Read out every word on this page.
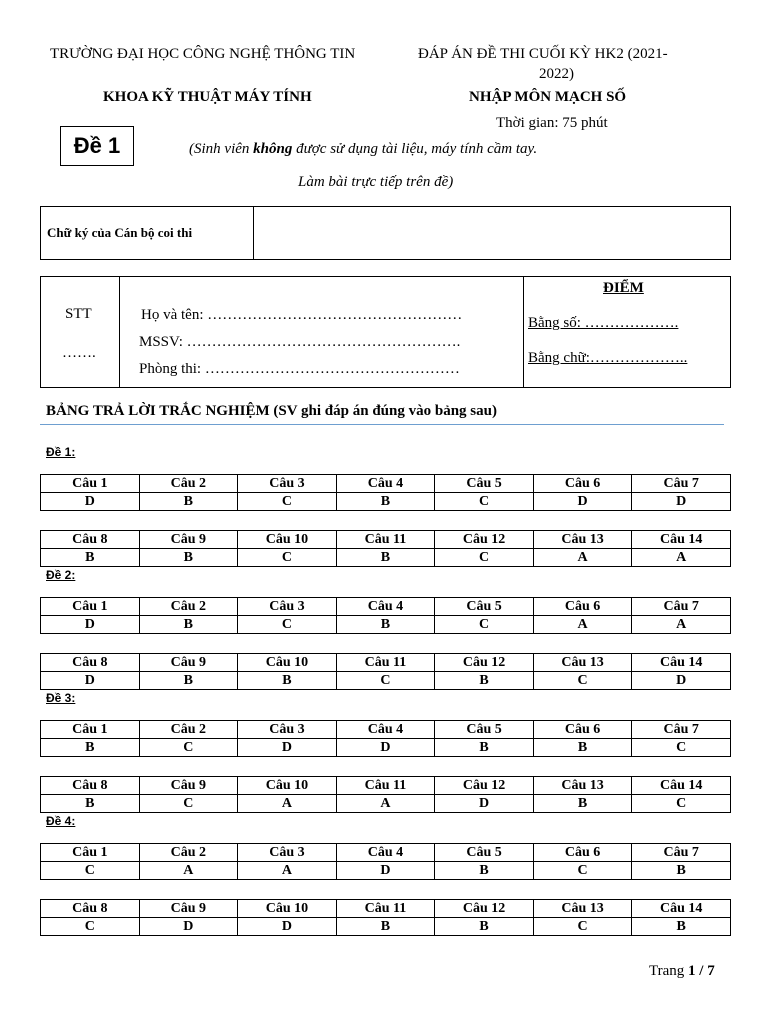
TRƯỜNG ĐẠI HỌC CÔNG NGHỆ THÔNG TIN
KHOA KỸ THUẬT MÁY TÍNH
ĐÁP ÁN ĐỀ THI CUỐI KỲ HK2 (2021-
2022)
NHẬP MÔN MẠCH SỐ
Thời gian: 75 phút
Đề 1	(Sinh viên không được sử dụng tài liệu, máy tính cầm tay.
Làm bài trực tiếp trên đề)
Chữ ký của Cán bộ coi thi	
STT
…….
Họ và tên: ……………………………………………
MSSV: ……………………………………………….
Phòng thi: ……………………………………………
ĐIỂM
Bằng số: ……………….
Bằng chữ:………………..
BẢNG TRẢ LỜI TRẮC NGHIỆM (SV ghi đáp án đúng vào bảng sau)
Đề 1:
Câu 1	Câu 2	Câu 3	Câu 4	Câu 5	Câu 6	Câu 7
D	B	C	B	C	D	D
Câu 8	Câu 9	Câu 10	Câu 11	Câu 12	Câu 13	Câu 14
B	B	C	B	C	A	A
Đề 2:
Câu 1	Câu 2	Câu 3	Câu 4	Câu 5	Câu 6	Câu 7
D	B	C	B	C	A	A
Câu 8	Câu 9	Câu 10	Câu 11	Câu 12	Câu 13	Câu 14
D	B	B	C	B	C	D
Đề 3:
Câu 1	Câu 2	Câu 3	Câu 4	Câu 5	Câu 6	Câu 7
B	C	D	D	B	B	C
Câu 8	Câu 9	Câu 10	Câu 11	Câu 12	Câu 13	Câu 14
B	C	A	A	D	B	C
Đề 4:
Câu 1	Câu 2	Câu 3	Câu 4	Câu 5	Câu 6	Câu 7
C	A	A	D	B	C	B
Câu 8	Câu 9	Câu 10	Câu 11	Câu 12	Câu 13	Câu 14
C	D	D	B	B	C	B
Trang 1 / 7
